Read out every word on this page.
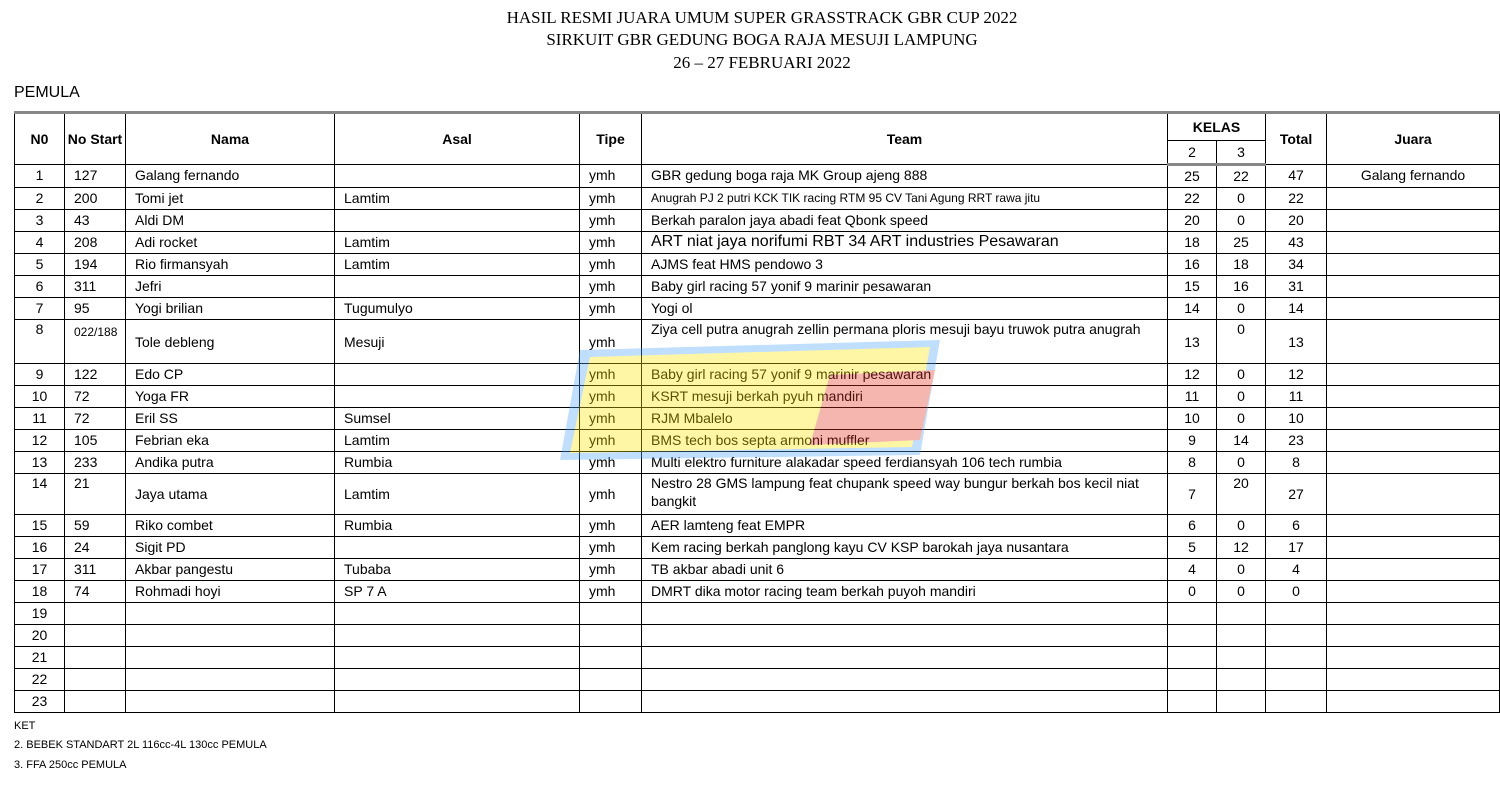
HASIL RESMI JUARA UMUM SUPER GRASSTRACK GBR CUP 2022
SIRKUIT GBR GEDUNG BOGA RAJA MESUJI LAMPUNG
26 – 27 FEBRUARI 2022
PEMULA
N0	No Start	Nama	Asal	Tipe	Team	KELAS		Total	Juara
						2	3		
1	127	Galang fernando		ymh	GBR gedung boga raja MK Group ajeng 888	25	22	47	Galang fernando
2	200	Tomi jet	Lamtim	ymh	Anugrah PJ 2 putri KCK TIK racing RTM 95 CV Tani Agung RRT rawa jitu	22	0	22	
3	43	Aldi DM		ymh	Berkah paralon jaya abadi feat Qbonk speed	20	0	20	
4	208	Adi rocket	Lamtim	ymh	ART niat jaya norifumi RBT 34 ART industries Pesawaran	18	25	43	
5	194	Rio firmansyah	Lamtim	ymh	AJMS feat HMS pendowo 3	16	18	34	
6	311	Jefri		ymh	Baby girl racing 57 yonif 9 marinir pesawaran	15	16	31	
7	95	Yogi brilian	Tugumulyo	ymh	Yogi ol	14	0	14	
8	022/188	Tole debleng	Mesuji	ymh	Ziya cell putra anugrah zellin permana ploris mesuji bayu truwok putra anugrah	13	0	13	
9	122	Edo CP		ymh	Baby girl racing 57 yonif 9 marinir pesawaran	12	0	12	
10	72	Yoga FR		ymh	KSRT mesuji berkah pyuh mandiri	11	0	11	
11	72	Eril SS	Sumsel	ymh	RJM Mbalelo	10	0	10	
12	105	Febrian eka	Lamtim	ymh	BMS tech bos septa armoni muffler	9	14	23	
13	233	Andika putra	Rumbia	ymh	Multi elektro furniture alakadar speed ferdiansyah 106 tech rumbia	8	0	8	
14	21	Jaya utama	Lamtim	ymh	Nestro 28 GMS lampung feat chupank speed way bungur berkah bos kecil niat bangkit	7	20	27	
15	59	Riko combet	Rumbia	ymh	AER lamteng feat EMPR	6	0	6	
16	24	Sigit PD		ymh	Kem racing berkah panglong kayu CV KSP barokah jaya nusantara	5	12	17	
17	311	Akbar pangestu	Tubaba	ymh	TB akbar abadi unit 6	4	0	4	
18	74	Rohmadi hoyi	SP 7 A	ymh	DMRT dika motor racing team berkah puyoh mandiri	0	0	0	
19									
20									
21									
22									
23									
KET
2. BEBEK STANDART 2L 116cc-4L 130cc PEMULA
3. FFA 250cc PEMULA
